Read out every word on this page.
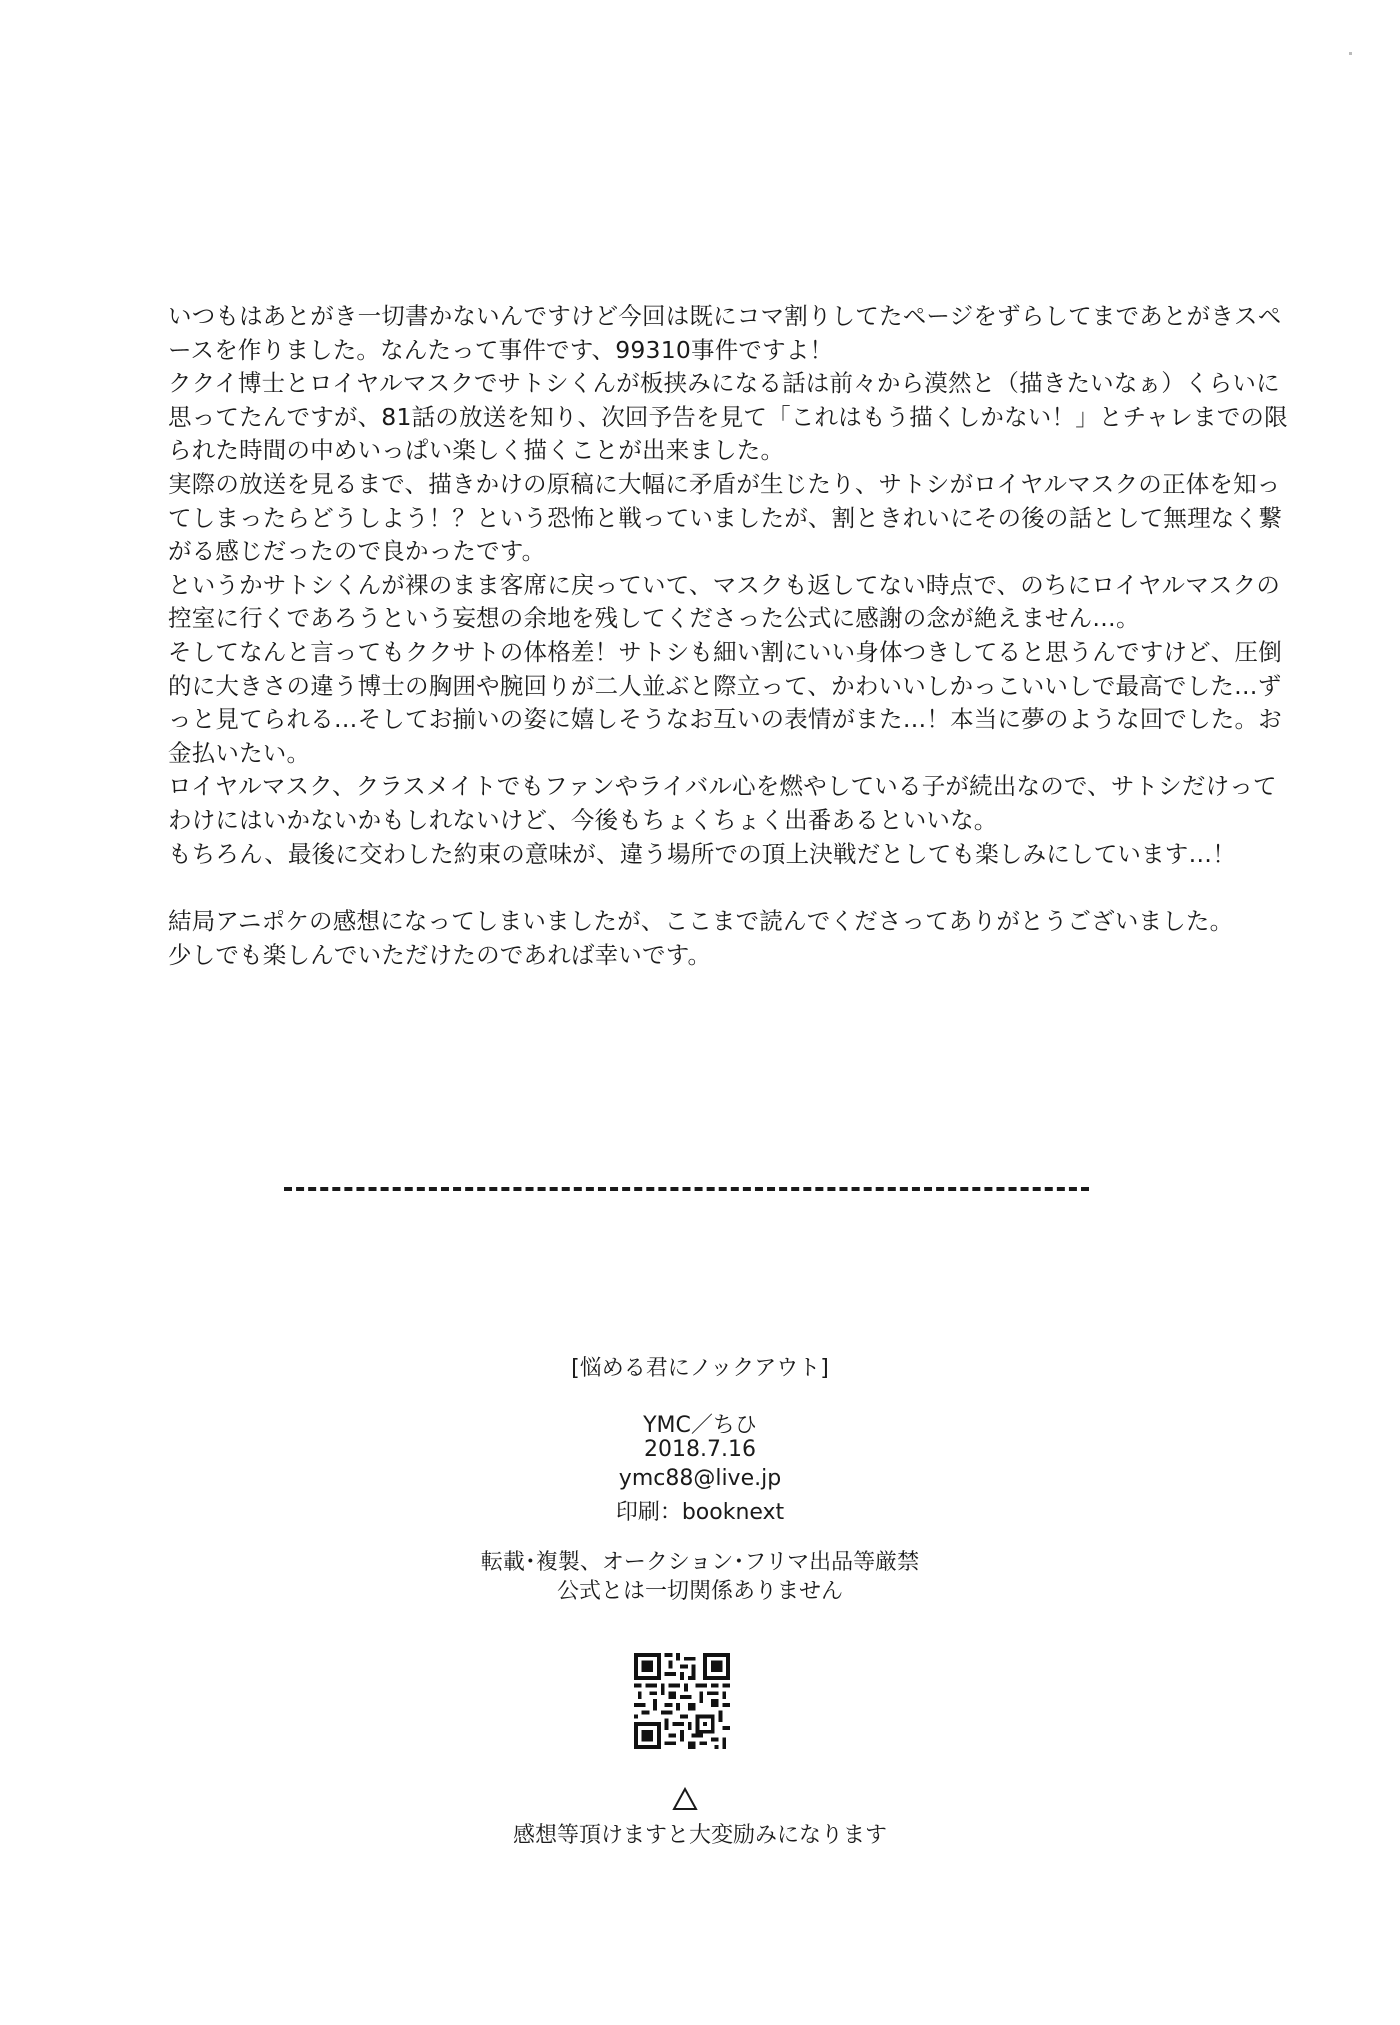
いつもはあとがき一切書かないんですけど今回は既にコマ割りしてたページをずらしてまであとがきスペ
ースを作りました。なんたって事件です、99310事件ですよ！
ククイ博士とロイヤルマスクでサトシくんが板挟みになる話は前々から漠然と（描きたいなぁ）くらいに
思ってたんですが、81話の放送を知り、次回予告を見て「これはもう描くしかない！」とチャレまでの限
られた時間の中めいっぱい楽しく描くことが出来ました。
実際の放送を見るまで、描きかけの原稿に大幅に矛盾が生じたり、サトシがロイヤルマスクの正体を知っ
てしまったらどうしよう！？という恐怖と戦っていましたが、割ときれいにその後の話として無理なく繋
がる感じだったので良かったです。
というかサトシくんが裸のまま客席に戻っていて、マスクも返してない時点で、のちにロイヤルマスクの
控室に行くであろうという妄想の余地を残してくださった公式に感謝の念が絶えません…。
そしてなんと言ってもククサトの体格差！サトシも細い割にいい身体つきしてると思うんですけど、圧倒
的に大きさの違う博士の胸囲や腕回りが二人並ぶと際立って、かわいいしかっこいいしで最高でした…ず
っと見てられる…そしてお揃いの姿に嬉しそうなお互いの表情がまた…！本当に夢のような回でした。お
金払いたい。
ロイヤルマスク、クラスメイトでもファンやライバル心を燃やしている子が続出なので、サトシだけって
わけにはいかないかもしれないけど、今後もちょくちょく出番あるといいな。
もちろん、最後に交わした約束の意味が、違う場所での頂上決戦だとしても楽しみにしています…！
結局アニポケの感想になってしまいましたが、ここまで読んでくださってありがとうございました。
少しでも楽しんでいただけたのであれば幸いです。
[悩める君にノックアウト]
YMC／ちひ
2018.7.16
ymc88@live.jp
印刷：booknext
転載･複製、オークション･フリマ出品等厳禁
公式とは一切関係ありません
感想等頂けますと大変励みになります
